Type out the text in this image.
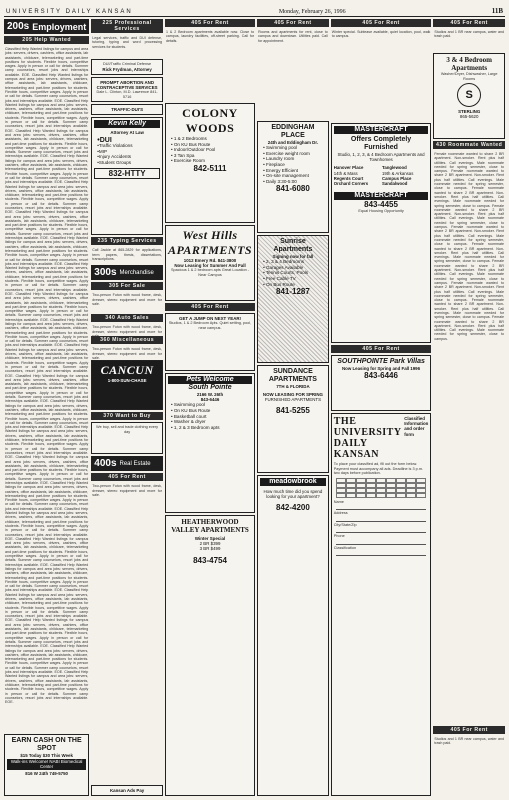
UNIVERSITY DAILY KANSAN	Monday, February 26, 1996	11B
200s Employment
205 Help Wanted
Classified Help Wanted listings for campus and area jobs: servers, drivers, cashiers, office assistants, lab assistants, childcare, telemarketing and part-time positions for students. Flexible hours, competitive wages. Apply in person or call for details. Summer camp counselors, resort jobs and internships available. EOE. Classified Help Wanted listings for campus and area jobs: servers, drivers, cashiers, office assistants, lab assistants, childcare, telemarketing and part-time positions for students. Flexible hours, competitive wages. Apply in person or call for details. Summer camp counselors, resort jobs and internships available. EOE. Classified Help Wanted listings for campus and area jobs: servers, drivers, cashiers, office assistants, lab assistants, childcare, telemarketing and part-time positions for students. Flexible hours, competitive wages. Apply in person or call for details. Summer camp counselors, resort jobs and internships available. EOE. Classified Help Wanted listings for campus and area jobs: servers, drivers, cashiers, office assistants, lab assistants, childcare, telemarketing and part-time positions for students. Flexible hours, competitive wages. Apply in person or call for details. Summer camp counselors, resort jobs and internships available. EOE. Classified Help Wanted listings for campus and area jobs: servers, drivers, cashiers, office assistants, lab assistants, childcare, telemarketing and part-time positions for students. Flexible hours, competitive wages. Apply in person or call for details. Summer camp counselors, resort jobs and internships available. EOE. Classified Help Wanted listings for campus and area jobs: servers, drivers, cashiers, office assistants, lab assistants, childcare, telemarketing and part-time positions for students. Flexible hours, competitive wages. Apply in person or call for details. Summer camp counselors, resort jobs and internships available. EOE. Classified Help Wanted listings for campus and area jobs: servers, drivers, cashiers, office assistants, lab assistants, childcare, telemarketing and part-time positions for students. Flexible hours, competitive wages. Apply in person or call for details. Summer camp counselors, resort jobs and internships available. EOE. Classified Help Wanted listings for campus and area jobs: servers, drivers, cashiers, office assistants, lab assistants, childcare, telemarketing and part-time positions for students. Flexible hours, competitive wages. Apply in person or call for details. Summer camp counselors, resort jobs and internships available. EOE. Classified Help Wanted listings for campus and area jobs: servers, drivers, cashiers, office assistants, lab assistants, childcare, telemarketing and part-time positions for students. Flexible hours, competitive wages. Apply in person or call for details. Summer camp counselors, resort jobs and internships available. EOE. Classified Help Wanted listings for campus and area jobs: servers, drivers, cashiers, office assistants, lab assistants, childcare, telemarketing and part-time positions for students. Flexible hours, competitive wages. Apply in person or call for details. Summer camp counselors, resort jobs and internships available. EOE. Classified Help Wanted listings for campus and area jobs: servers, drivers, cashiers, office assistants, lab assistants, childcare, telemarketing and part-time positions for students. Flexible hours, competitive wages. Apply in person or call for details. Summer camp counselors, resort jobs and internships available. EOE. Classified Help Wanted listings for campus and area jobs: servers, drivers, cashiers, office assistants, lab assistants, childcare, telemarketing and part-time positions for students. Flexible hours, competitive wages. Apply in person or call for details. Summer camp counselors, resort jobs and internships available. EOE. Classified Help Wanted listings for campus and area jobs: servers, drivers, cashiers, office assistants, lab assistants, childcare, telemarketing and part-time positions for students. Flexible hours, competitive wages. Apply in person or call for details. Summer camp counselors, resort jobs and internships available. EOE. Classified Help Wanted listings for campus and area jobs: servers, drivers, cashiers, office assistants, lab assistants, childcare, telemarketing and part-time positions for students. Flexible hours, competitive wages. Apply in person or call for details. Summer camp counselors, resort jobs and internships available. EOE. Classified Help Wanted listings for campus and area jobs: servers, drivers, cashiers, office assistants, lab assistants, childcare, telemarketing and part-time positions for students. Flexible hours, competitive wages. Apply in person or call for details. Summer camp counselors, resort jobs and internships available. EOE. Classified Help Wanted listings for campus and area jobs: servers, drivers, cashiers, office assistants, lab assistants, childcare, telemarketing and part-time positions for students. Flexible hours, competitive wages. Apply in person or call for details. Summer camp counselors, resort jobs and internships available. EOE. Classified Help Wanted listings for campus and area jobs: servers, drivers, cashiers, office assistants, lab assistants, childcare, telemarketing and part-time positions for students. Flexible hours, competitive wages. Apply in person or call for details. Summer camp counselors, resort jobs and internships available. EOE. Classified Help Wanted listings for campus and area jobs: servers, drivers, cashiers, office assistants, lab assistants, childcare, telemarketing and part-time positions for students. Flexible hours, competitive wages. Apply in person or call for details. Summer camp counselors, resort jobs and internships available. EOE. Classified Help Wanted listings for campus and area jobs: servers, drivers, cashiers, office assistants, lab assistants, childcare, telemarketing and part-time positions for students. Flexible hours, competitive wages. Apply in person or call for details. Summer camp counselors, resort jobs and internships available. EOE. Classified Help Wanted listings for campus and area jobs: servers, drivers, cashiers, office assistants, lab assistants, childcare, telemarketing and part-time positions for students. Flexible hours, competitive wages. Apply in person or call for details. Summer camp counselors, resort jobs and internships available. EOE. Classified Help Wanted listings for campus and area jobs: servers, drivers, cashiers, office assistants, lab assistants, childcare, telemarketing and part-time positions for students. Flexible hours, competitive wages. Apply in person or call for details. Summer camp counselors, resort jobs and internships available. EOE. Classified Help Wanted listings for campus and area jobs: servers, drivers, cashiers, office assistants, lab assistants, childcare, telemarketing and part-time positions for students. Flexible hours, competitive wages. Apply in person or call for details. Summer camp counselors, resort jobs and internships available. EOE. Classified Help Wanted listings for campus and area jobs: servers, drivers, cashiers, office assistants, lab assistants, childcare, telemarketing and part-time positions for students. Flexible hours, competitive wages. Apply in person or call for details. Summer camp counselors, resort jobs and internships available. EOE. Classified Help Wanted listings for campus and area jobs: servers, drivers, cashiers, office assistants, lab assistants, childcare, telemarketing and part-time positions for students. Flexible hours, competitive wages. Apply in person or call for details. Summer camp counselors, resort jobs and internships available. EOE.
EARN CASH ON THE SPOT
$15 Today $30 This Week
Walk-ins Welcome! NABI Biomedical Center
816 W 24th 749-5750
225 Professional Services
Legal services, traffic and DUI defense, tutoring, typing and word processing services for students.
DUI/Traffic Criminal Defense
Rick Frydman, Attorney
PROMPT ABORTION AND CONTRACEPTIVE SERVICES
Dale L. Clinton, M.D. Lawrence 841-5716
TRAFFIC-DUI'S
Kevin Kelly
Attorney At Law
•DUI
•Traffic Violations
•MIP
•Injury Accidents
•Student Groups
832-HTTY
235 Typing Services
Call Jackie at 865-2829 for applications, term papers, thesis, dissertations, transcriptions.
300s Merchandise
305 For Sale
Two-person Futon with wood frame, desk, dresser, stereo equipment and more for sale.
340 Auto Sales
Two-person Futon with wood frame, desk, dresser, stereo equipment and more for
360 Miscellaneous
Two-person Futon with wood frame, desk, dresser, stereo equipment and more for sale.
CANCUN
1-800-SUN-CHASE
370 Want to Buy
We buy, sell and trade clothing every day
400s Real Estate
405 For Rent
Two-person Futon with wood frame, desk, dresser, stereo equipment and more for sale.
Kansan Ads Pay
405 For Rent
1 & 2 Bedroom apartments available now. Close to campus, laundry facilities, off-street parking. Call for details.
COLONY WOODS
• 1 & 2 Bedrooms
• On KU Bus Route
• Indoor/Outdoor Pool
• 3 Tan Spa
• Exercise Room
842-5111
West Hills APARTMENTS
1012 Emery Rd. 841-3800
Now Leasing for Summer And Fall
Spacious 1 & 2 bedroom apts Great Location - Near Campus
405 For Rent
GET A JUMP ON NEXT YEAR!
Studios, 1 & 2 Bedroom Apts. Quiet setting, pool, near campus.
Pets Welcome
South Pointe
2166 W. 26th
843-6446
• Swimming pool
• On KU Bus Route
• Basketball court
• Washer & dryer
• 1, 2 & 3 Bedroom apts
HEATHERWOOD VALLEY APARTMENTS
Winter Special
2 BR $399
3 BR $499
843-4754
405 For Rent
Rooms and apartments for rent, close to campus and downtown. Utilities paid. Call for appointment.
EDDINGHAM PLACE
24th and Eddingham Dr.
• Swimming pool
• Exercise weight room
• Laundry room
• Fireplace
• Energy Efficient
• On-site management
• Daily 3:30-5:00
841-6080
Sunrise Apartments
Signing now for fall
• 2, 3 & 4 Bedrooms
• Garages Available
• Tennis Courts, Pools
• Free Cable TV
• On Bus Route
841-1287
SUNDANCE APARTMENTS
7TH & FLORIDA
NOW LEASING FOR SPRING
FURNISHED APARTMENTS
841-5255
meadowbrook
How much time did you spend looking for your apartment?
842-4200
405 For Rent
Winter special. Sublease available, quiet location, pool, walk to campus.
MASTERCRAFT
Offers Completely Furnished
Studio, 1, 2, 3, & 4 Bedroom Apartments and Townhomes
Hanover Place
14th & Mass
Regents Court
Orchard Corners
Tanglewood
19th & Arkansas
Campus Place
Sandalwood
MASTERCRAFT
843-4455
Equal Housing Opportunity
405 For Rent
SOUTHPOINTE Park Villas
Now Leasing for Spring and Fall 1996
843-6446
THE UNIVERSITY DAILY KANSAN
Classified Information and order form
To place your classified ad, fill out the form below. Payment must accompany all ads. Deadline is 3 p.m. two days before publication.
Name
Address
City/State/Zip
Phone
Classification
405 For Rent
Studios and 1 BR near campus, water and trash paid.
3 & 4 Bedroom Apartments
Washer/Dryer, Dishwasher, Large Rooms
S
STERLING
865-5620
430 Roommate Wanted
Female roommate wanted to share 2 BR apartment. Non-smoker. Rent plus half utilities. Call evenings. Male roommate needed for spring semester, close to campus. Female roommate wanted to share 2 BR apartment. Non-smoker. Rent plus half utilities. Call evenings. Male roommate needed for spring semester, close to campus. Female roommate wanted to share 2 BR apartment. Non-smoker. Rent plus half utilities. Call evenings. Male roommate needed for spring semester, close to campus. Female roommate wanted to share 2 BR apartment. Non-smoker. Rent plus half utilities. Call evenings. Male roommate needed for spring semester, close to campus. Female roommate wanted to share 2 BR apartment. Non-smoker. Rent plus half utilities. Call evenings. Male roommate needed for spring semester, close to campus. Female roommate wanted to share 2 BR apartment. Non-smoker. Rent plus half utilities. Call evenings. Male roommate needed for spring semester, close to campus. Female roommate wanted to share 2 BR apartment. Non-smoker. Rent plus half utilities. Call evenings. Male roommate needed for spring semester, close to campus. Female roommate wanted to share 2 BR apartment. Non-smoker. Rent plus half utilities. Call evenings. Male roommate needed for spring semester, close to campus. Female roommate wanted to share 2 BR apartment. Non-smoker. Rent plus half utilities. Call evenings. Male roommate needed for spring semester, close to campus. Female roommate wanted to share 2 BR apartment. Non-smoker. Rent plus half utilities. Call evenings. Male roommate needed for spring semester, close to campus.
405 For Rent
Studios and 1 BR near campus, water and trash paid.
